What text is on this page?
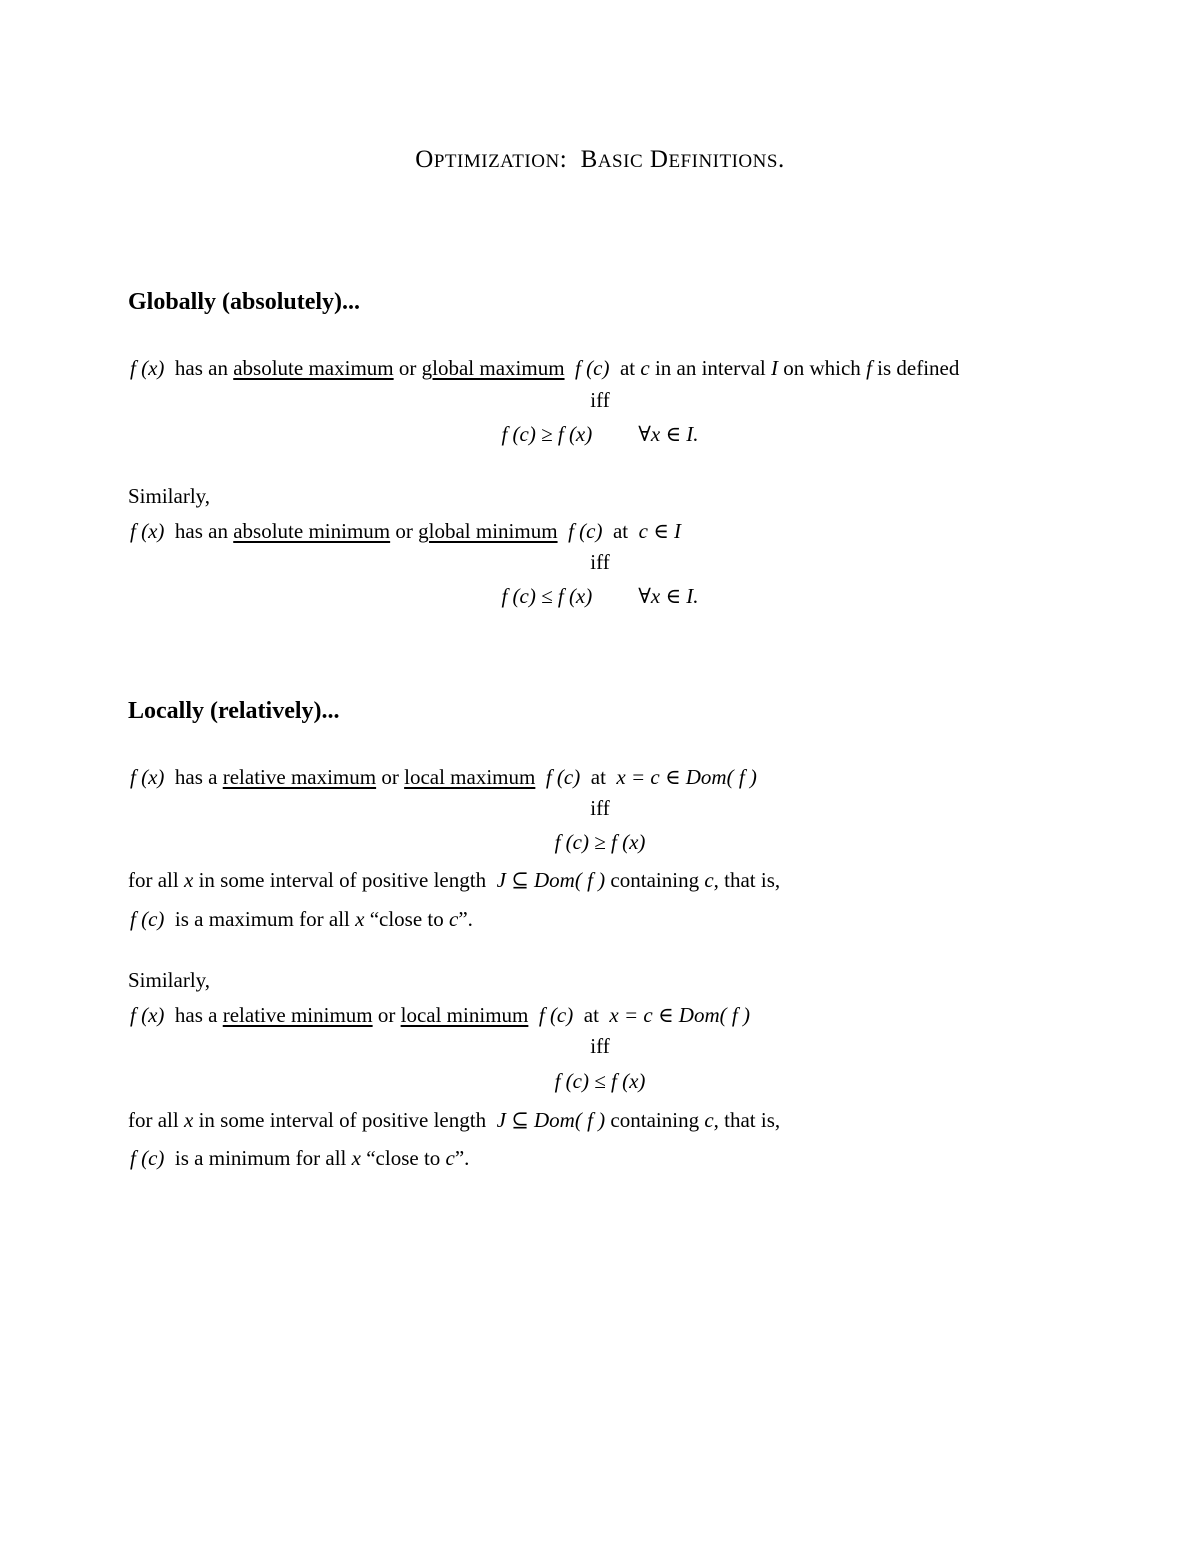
OPTIMIZATION: BASIC DEFINITIONS.
Globally (absolutely)...
f (x) has an absolute maximum or global maximum f (c) at c in an interval I on which f is defined
iff
f (c) ≥ f (x) ∀x ∈ I.
Similarly,
f (x) has an absolute minimum or global minimum f (c) at c ∈ I
iff
f (c) ≤ f (x) ∀x ∈ I.
Locally (relatively)...
f (x) has a relative maximum or local maximum f (c) at x = c ∈ Dom( f )
iff
f (c) ≥ f (x)
for all x in some interval of positive length J ⊆ Dom( f ) containing c, that is,
f (c) is a maximum for all x “close to c”.
Similarly,
f (x) has a relative minimum or local minimum f (c) at x = c ∈ Dom( f )
iff
f (c) ≤ f (x)
for all x in some interval of positive length J ⊆ Dom( f ) containing c, that is,
f (c) is a minimum for all x “close to c”.
